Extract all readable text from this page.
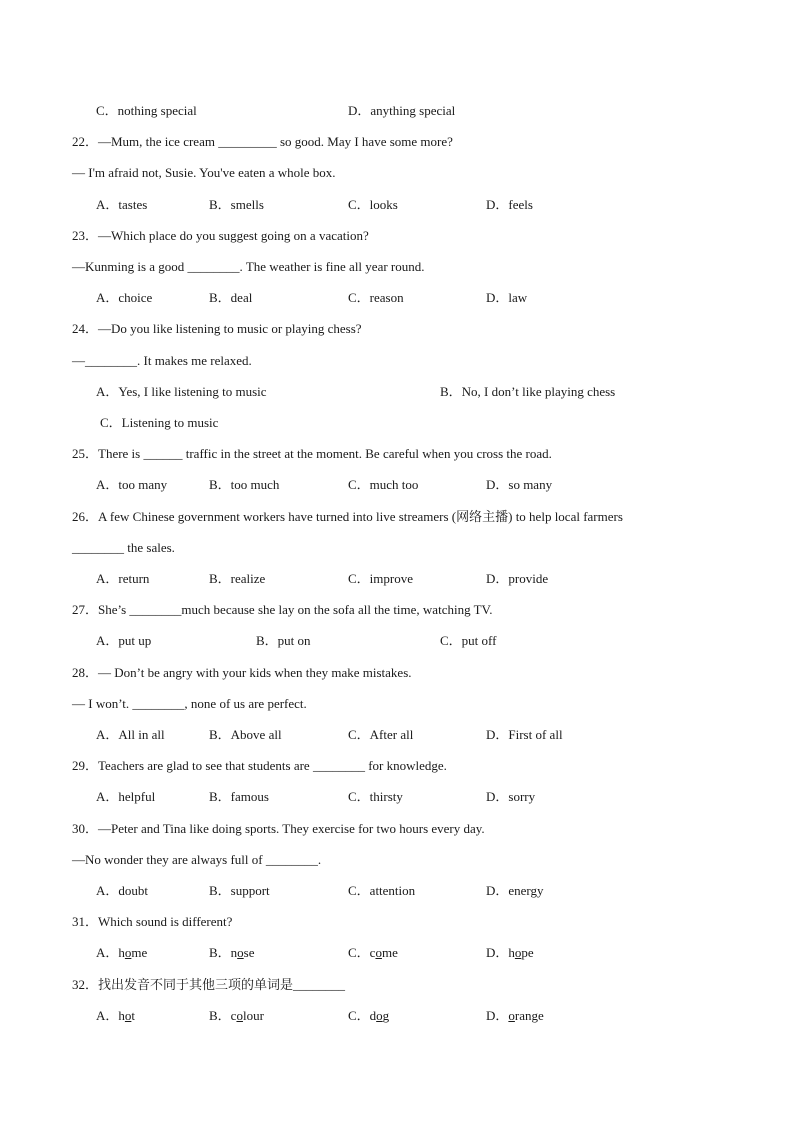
C．nothing special	D．anything special
22．—Mum, the ice cream _________ so good. May I have some more?
— I'm afraid not, Susie. You've eaten a whole box.
A．tastes	B．smells	C．looks	D．feels
23．—Which place do you suggest going on a vacation?
—Kunming is a good ________. The weather is fine all year round.
A．choice	B．deal	C．reason	D．law
24．—Do you like listening to music or playing chess?
—________. It makes me relaxed.
A．Yes, I like listening to music	B．No, I don’t like playing chess
C．Listening to music
25．There is ______ traffic in the street at the moment. Be careful when you cross the road.
A．too many	B．too much	C．much too	D．so many
26．A few Chinese government workers have turned into live streamers (网络主播) to help local farmers
________ the sales.
A．return	B．realize	C．improve	D．provide
27．She’s ________much because she lay on the sofa all the time, watching TV.
A．put up	B．put on	C．put off
28．— Don’t be angry with your kids when they make mistakes.
— I won’t. ________, none of us are perfect.
A．All in all	B．Above all	C．After all	D．First of all
29．Teachers are glad to see that students are ________ for knowledge.
A．helpful	B．famous	C．thirsty	D．sorry
30．—Peter and Tina like doing sports. They exercise for two hours every day.
—No wonder they are always full of ________.
A．doubt	B．support	C．attention	D．energy
31．Which sound is different?
A．home	B．nose	C．come	D．hope
32．找出发音不同于其他三项的单词是________
A．hot	B．colour	C．dog	D．orange
